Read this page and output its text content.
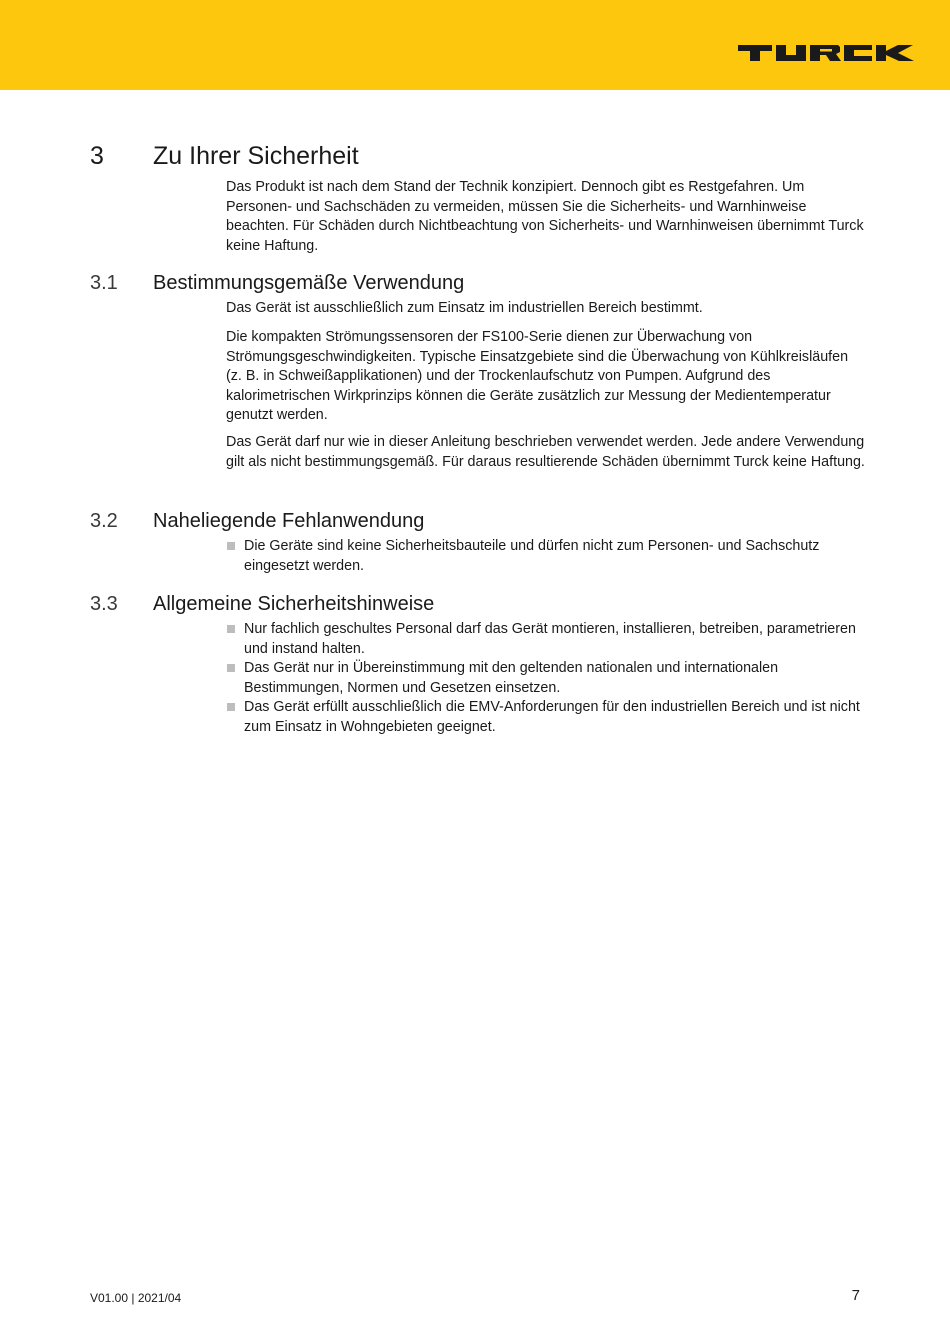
3 Zu Ihrer Sicherheit

Das Produkt ist nach dem Stand der Technik konzipiert. Dennoch gibt es Restgefahren. Um Personen- und Sachschäden zu vermeiden, müssen Sie die Sicherheits- und Warnhinweise beachten. Für Schäden durch Nichtbeachtung von Sicherheits- und Warnhinweisen übernimmt Turck keine Haftung.

3.1 Bestimmungsgemäße Verwendung

Das Gerät ist ausschließlich zum Einsatz im industriellen Bereich bestimmt.

Die kompakten Strömungssensoren der FS100-Serie dienen zur Überwachung von Strömungsgeschwindigkeiten. Typische Einsatzgebiete sind die Überwachung von Kühlkreisläufen (z. B. in Schweißapplikationen) und der Trockenlaufschutz von Pumpen. Aufgrund des kalorimetrischen Wirkprinzips können die Geräte zusätzlich zur Messung der Medientemperatur genutzt werden.

Das Gerät darf nur wie in dieser Anleitung beschrieben verwendet werden. Jede andere Verwendung gilt als nicht bestimmungsgemäß. Für daraus resultierende Schäden übernimmt Turck keine Haftung.

3.2 Naheliegende Fehlanwendung
Die Geräte sind keine Sicherheitsbauteile und dürfen nicht zum Personen- und Sachschutz eingesetzt werden.
3.3 Allgemeine Sicherheitshinweise
Nur fachlich geschultes Personal darf das Gerät montieren, installieren, betreiben, parametrieren und instand halten.
Das Gerät nur in Übereinstimmung mit den geltenden nationalen und internationalen Bestimmungen, Normen und Gesetzen einsetzen.
Das Gerät erfüllt ausschließlich die EMV-Anforderungen für den industriellen Bereich und ist nicht zum Einsatz in Wohngebieten geeignet.
V01.00 | 2021/04	7
